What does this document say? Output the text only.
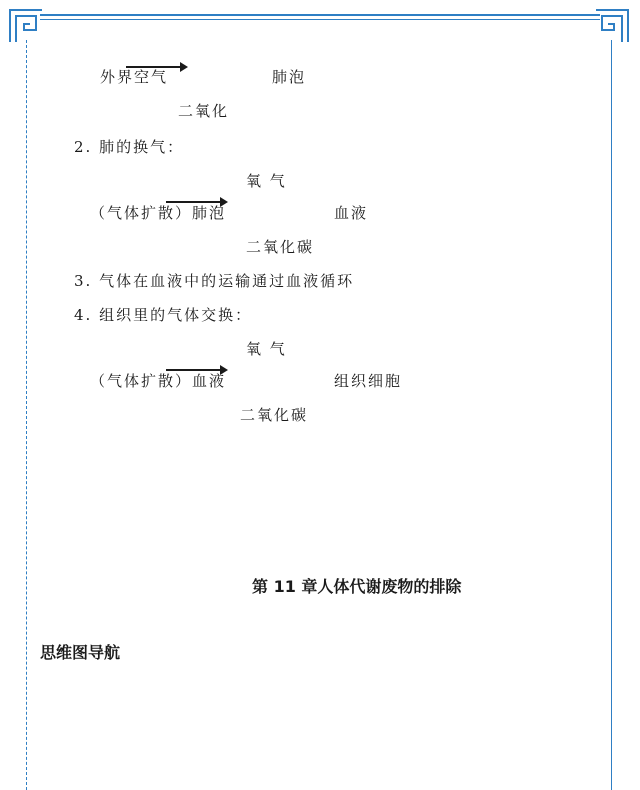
外界空气	肺泡
二氧化
2. 肺的换气：
氧 气
（气体扩散）肺泡	血液
二氧化碳
3. 气体在血液中的运输通过血液循环
4. 组织里的气体交换：
氧 气
（气体扩散）血液	组织细胞
二氧化碳
第 11 章人体代谢废物的排除
思维图导航
